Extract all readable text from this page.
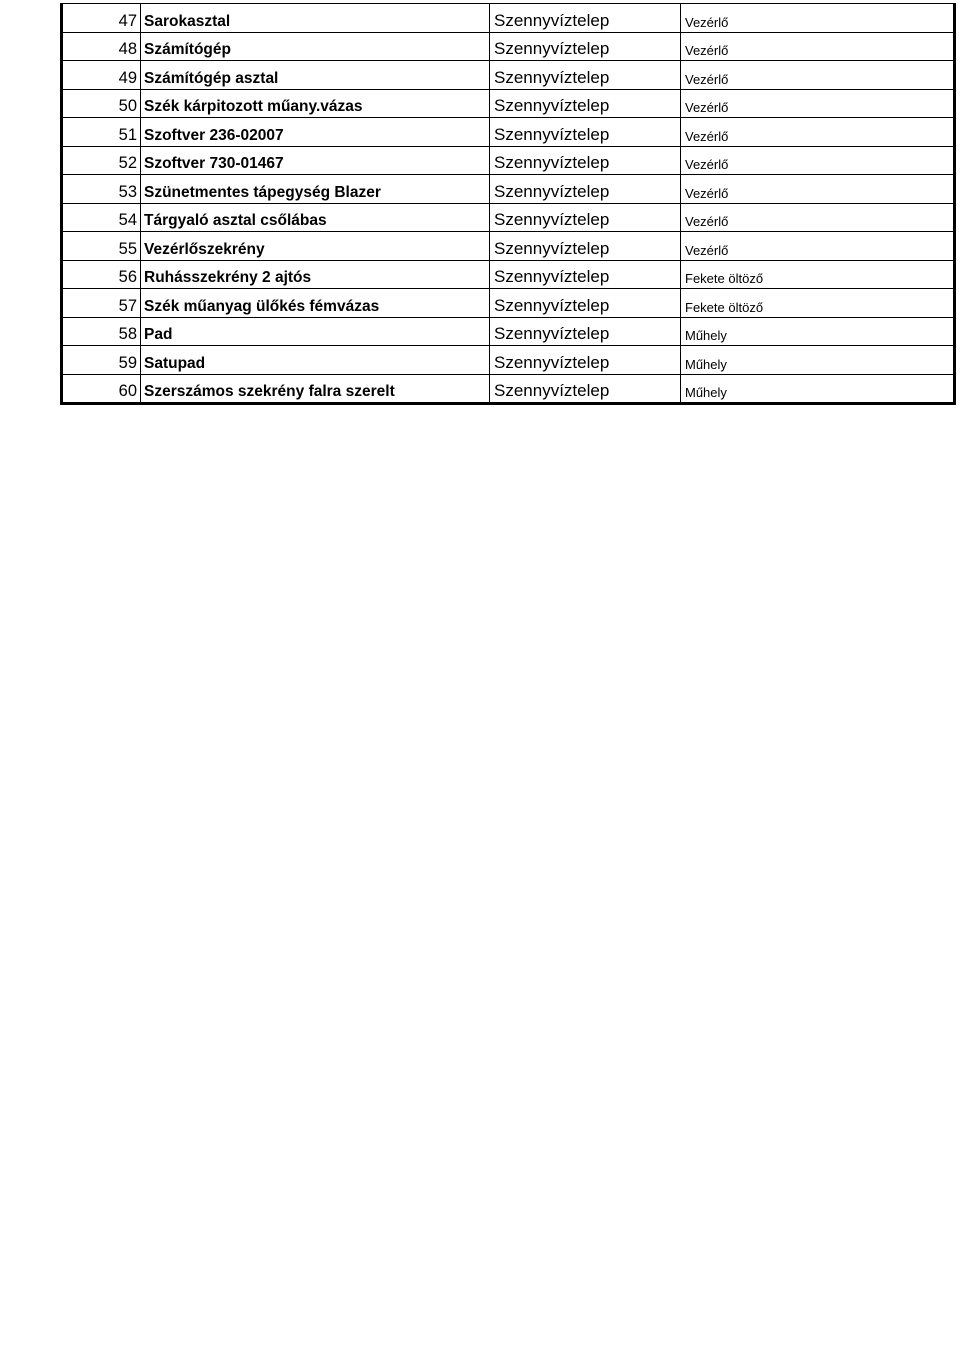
47	Sarokasztal	Szennyvíztelep	Vezérlő
48	Számítógép	Szennyvíztelep	Vezérlő
49	Számítógép asztal	Szennyvíztelep	Vezérlő
50	Szék kárpitozott műany.vázas	Szennyvíztelep	Vezérlő
51	Szoftver 236-02007	Szennyvíztelep	Vezérlő
52	Szoftver 730-01467	Szennyvíztelep	Vezérlő
53	Szünetmentes tápegység Blazer	Szennyvíztelep	Vezérlő
54	Tárgyaló asztal csőlábas	Szennyvíztelep	Vezérlő
55	Vezérlőszekrény	Szennyvíztelep	Vezérlő
56	Ruhásszekrény 2 ajtós	Szennyvíztelep	Fekete öltöző
57	Szék műanyag ülőkés fémvázas	Szennyvíztelep	Fekete öltöző
58	Pad	Szennyvíztelep	Műhely
59	Satupad	Szennyvíztelep	Műhely
60	Szerszámos szekrény falra szerelt	Szennyvíztelep	Műhely
